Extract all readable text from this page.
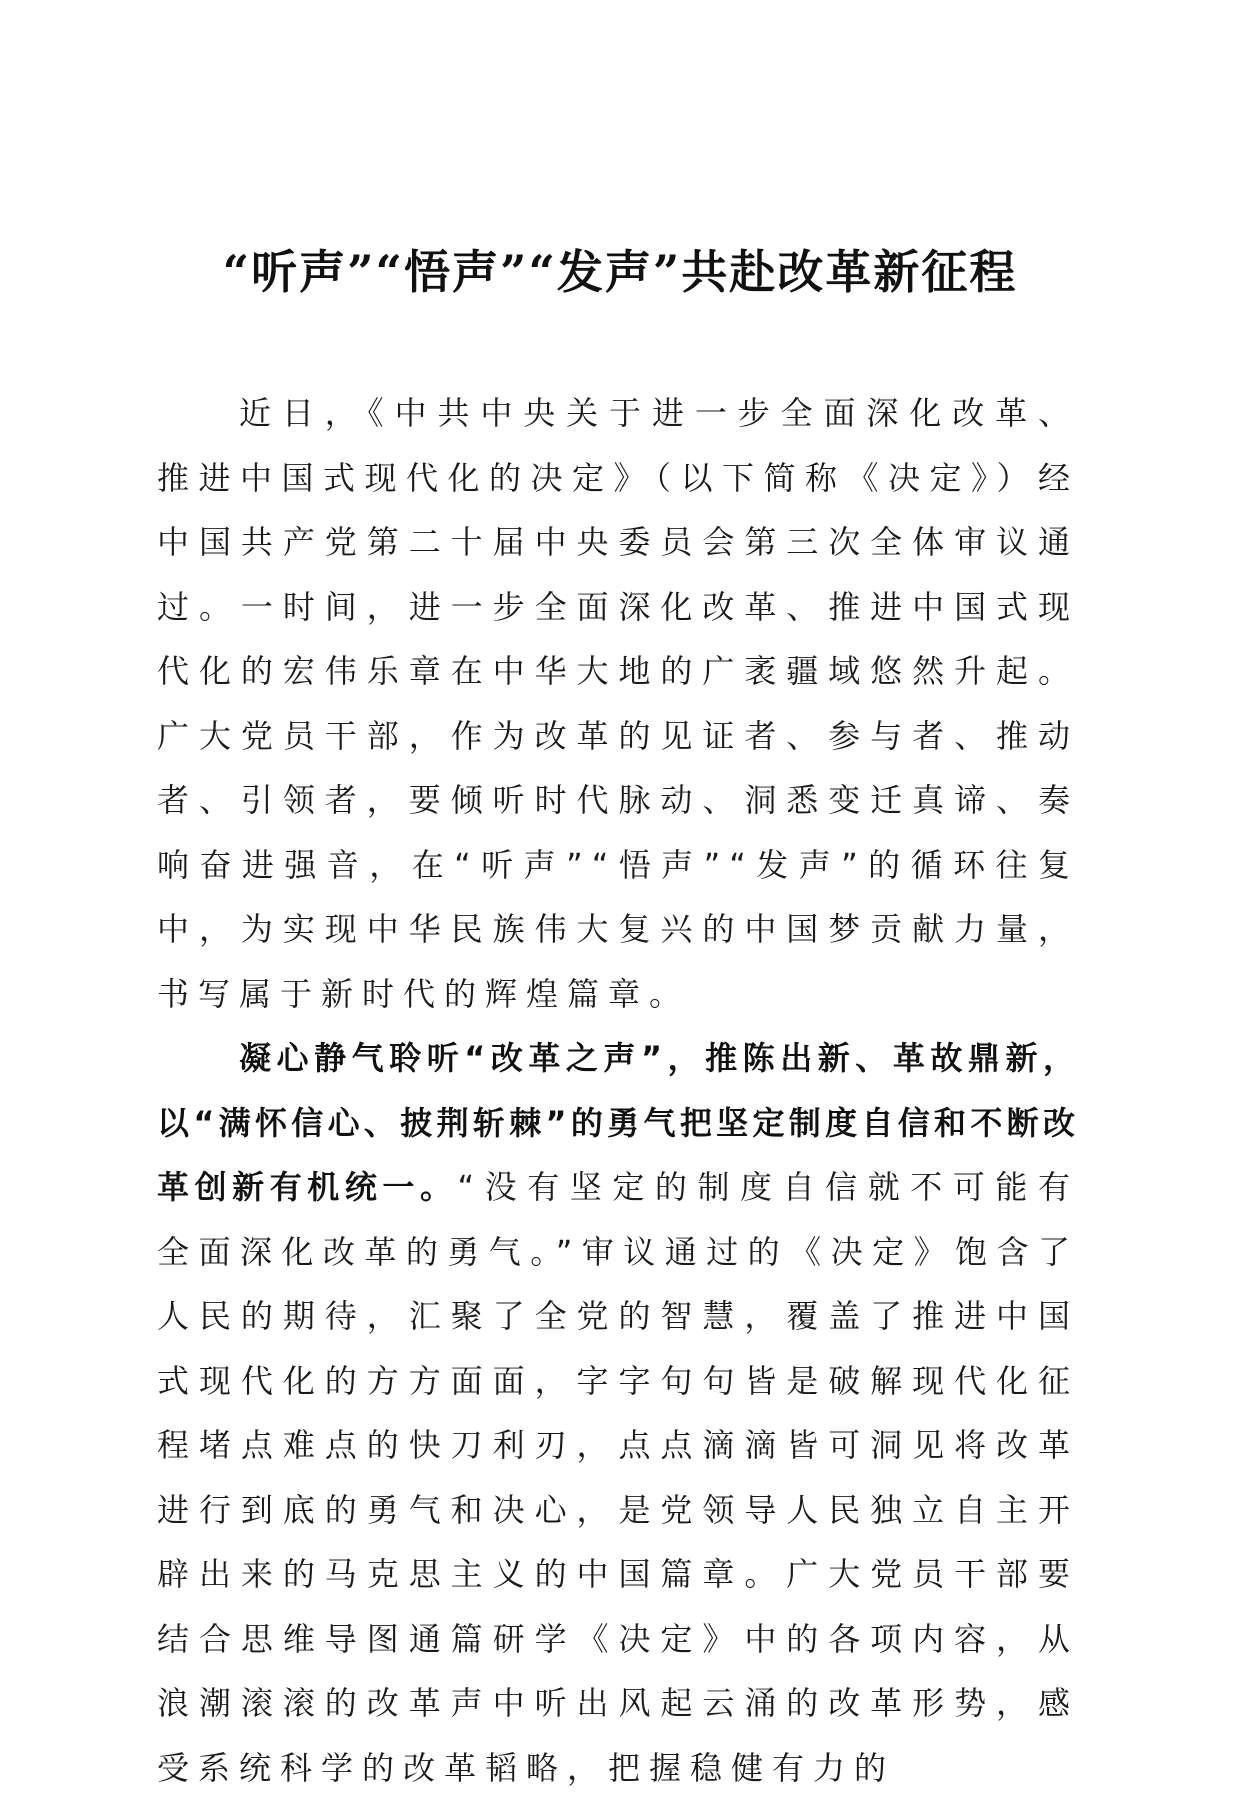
“听声”“悟声”“发声”共赴改革新征程

近日，《中共中央关于进一步全面深化改革、推进中国式现代化的决定》（以下简称《决定》）经中国共产党第二十届中央委员会第三次全体审议通过。一时间，进一步全面深化改革、推进中国式现代化的宏伟乐章在中华大地的广袤疆域悠然升起。广大党员干部，作为改革的见证者、参与者、推动者、引领者，要倾听时代脉动、洞悉变迁真谛、奏响奋进强音，在“听声”“悟声”“发声”的循环往复中，为实现中华民族伟大复兴的中国梦贡献力量，书写属于新时代的辉煌篇章。

凝心静气聆听“改革之声”，推陈出新、革故鼎新，以“满怀信心、披荆斩棘”的勇气把坚定制度自信和不断改革创新有机统一。“没有坚定的制度自信就不可能有全面深化改革的勇气。”审议通过的《决定》饱含了人民的期待，汇聚了全党的智慧，覆盖了推进中国式现代化的方方面面，字字句句皆是破解现代化征程堵点难点的快刀利刃，点点滴滴皆可洞见将改革进行到底的勇气和决心，是党领导人民独立自主开辟出来的马克思主义的中国篇章。广大党员干部要结合思维导图通篇研学《决定》中的各项内容，从浪潮滚滚的改革声中听出风起云涌的改革形势，感受系统科学的改革韬略，把握稳健有力的
